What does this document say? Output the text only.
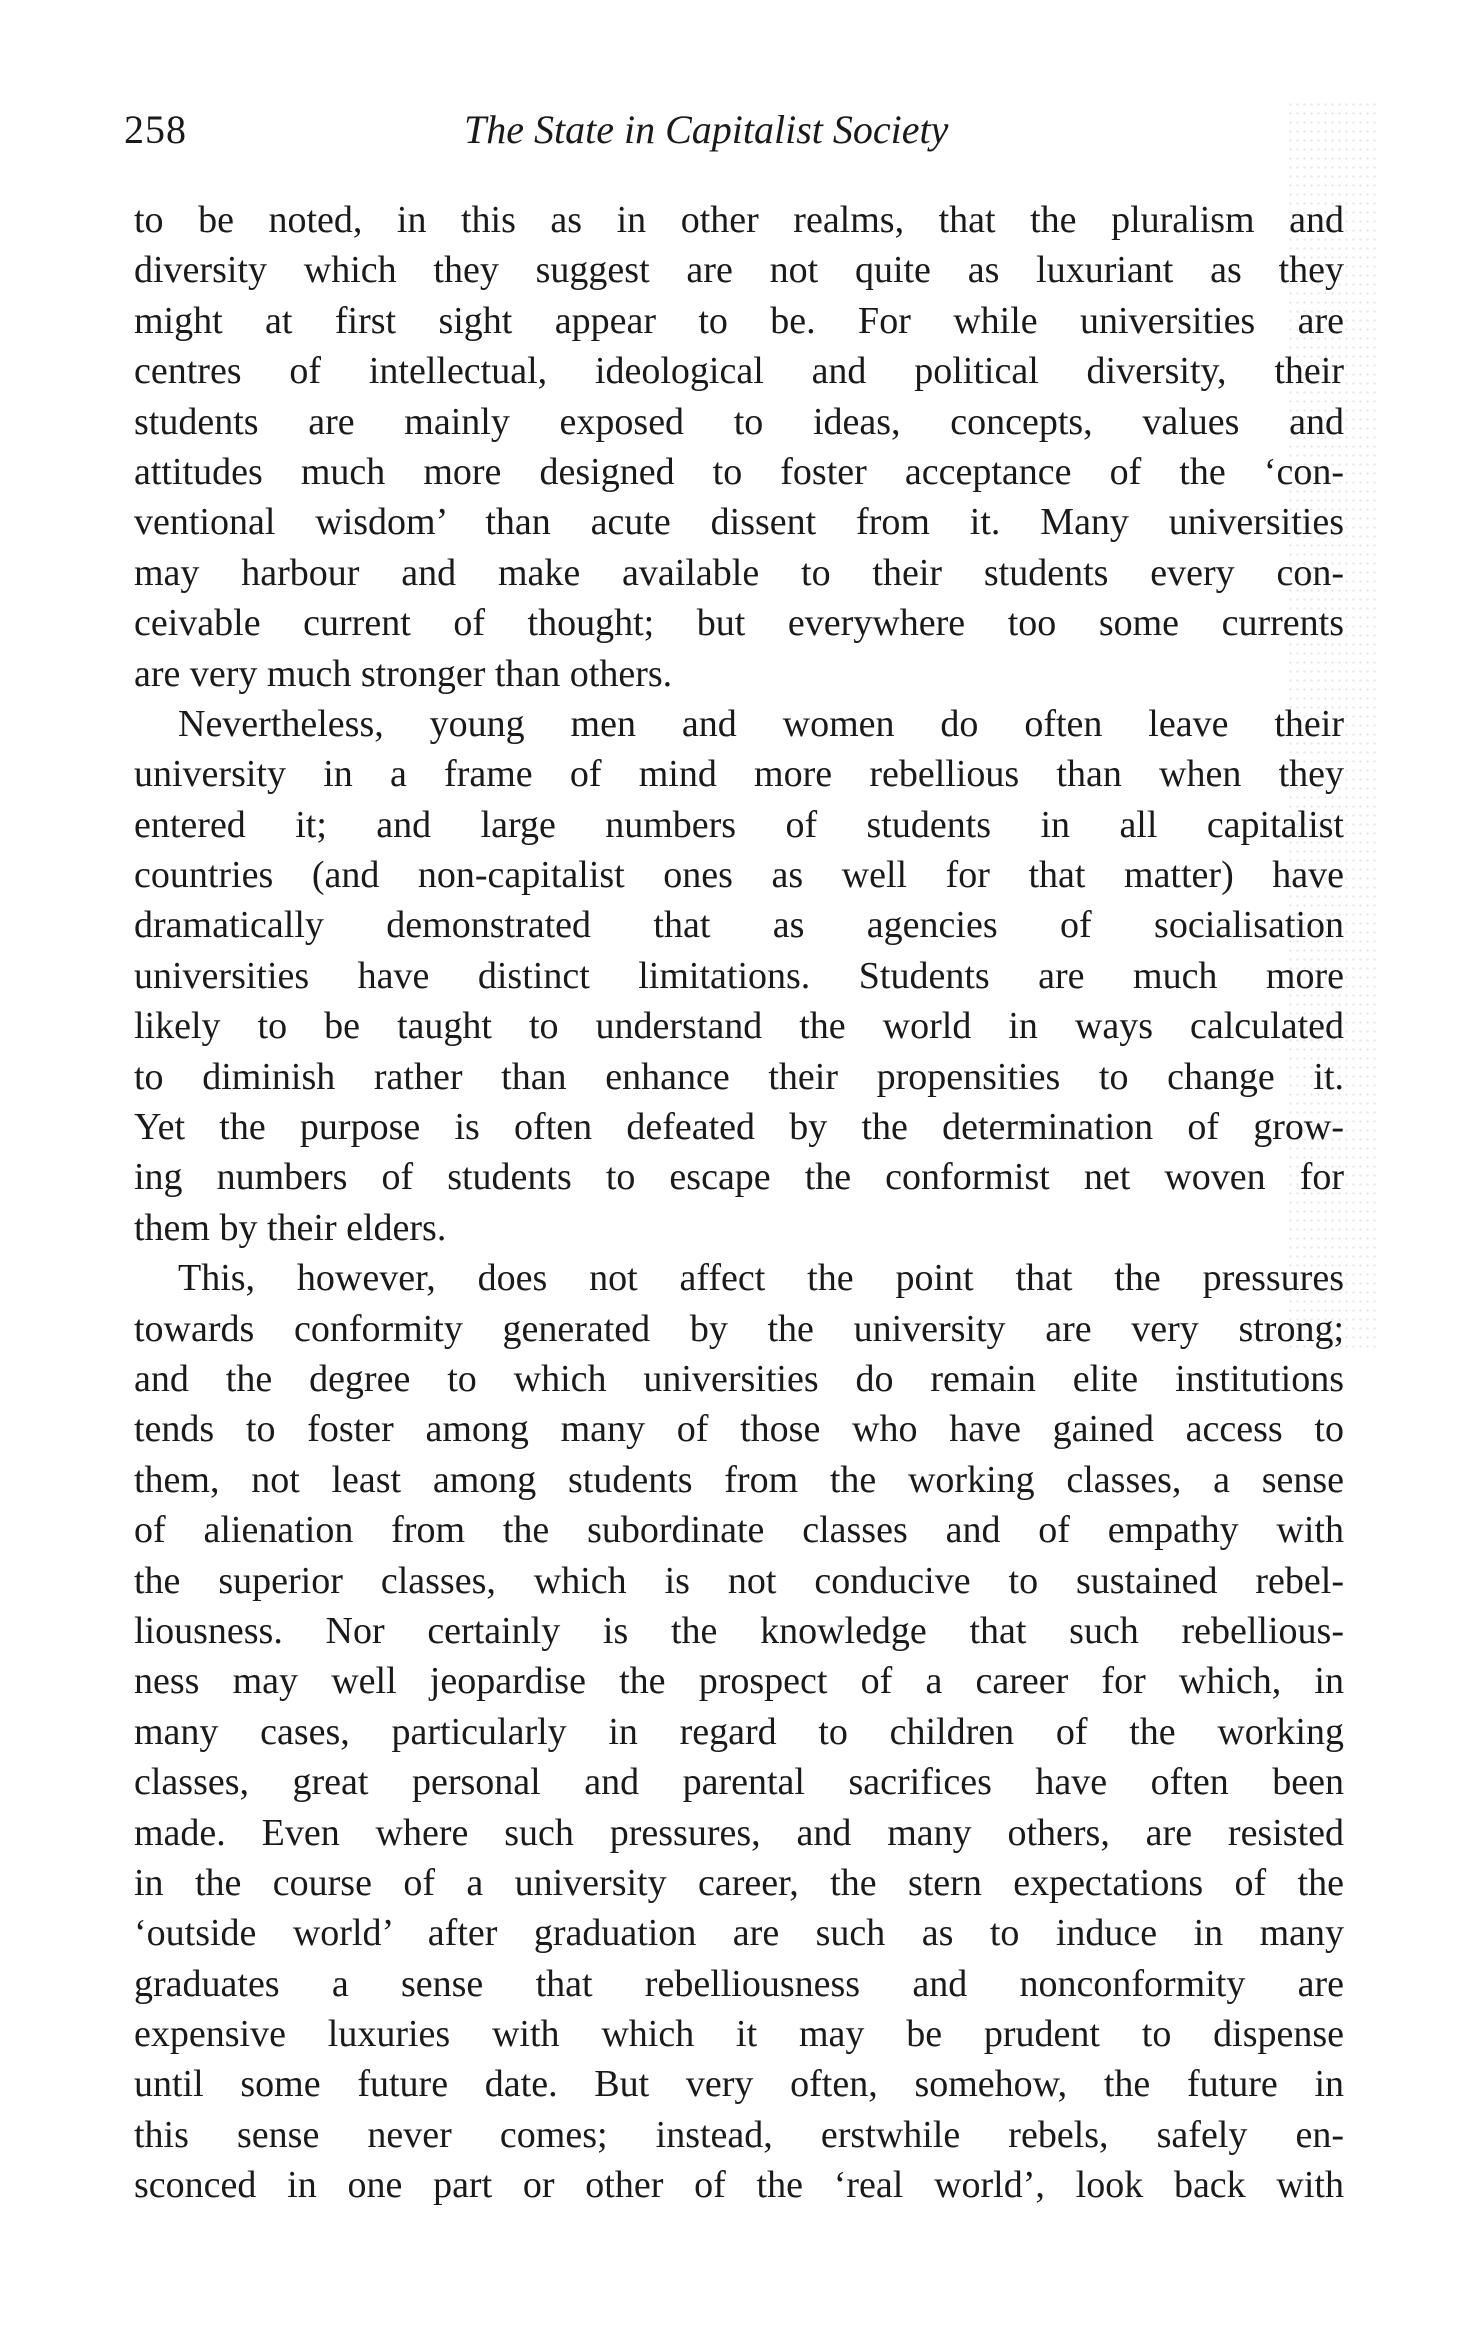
258	The State in Capitalist Society
to be noted, in this as in other realms, that the pluralism and
diversity which they suggest are not quite as luxuriant as they
might at first sight appear to be. For while universities are
centres of intellectual, ideological and political diversity, their
students are mainly exposed to ideas, concepts, values and
attitudes much more designed to foster acceptance of the ‘con-
ventional wisdom’ than acute dissent from it. Many universities
may harbour and make available to their students every con-
ceivable current of thought; but everywhere too some currents
are very much stronger than others.
Nevertheless, young men and women do often leave their
university in a frame of mind more rebellious than when they
entered it; and large numbers of students in all capitalist
countries (and non-capitalist ones as well for that matter) have
dramatically demonstrated that as agencies of socialisation
universities have distinct limitations. Students are much more
likely to be taught to understand the world in ways calculated
to diminish rather than enhance their propensities to change it.
Yet the purpose is often defeated by the determination of grow-
ing numbers of students to escape the conformist net woven for
them by their elders.
This, however, does not affect the point that the pressures
towards conformity generated by the university are very strong;
and the degree to which universities do remain elite institutions
tends to foster among many of those who have gained access to
them, not least among students from the working classes, a sense
of alienation from the subordinate classes and of empathy with
the superior classes, which is not conducive to sustained rebel-
liousness. Nor certainly is the knowledge that such rebellious-
ness may well jeopardise the prospect of a career for which, in
many cases, particularly in regard to children of the working
classes, great personal and parental sacrifices have often been
made. Even where such pressures, and many others, are resisted
in the course of a university career, the stern expectations of the
‘outside world’ after graduation are such as to induce in many
graduates a sense that rebelliousness and nonconformity are
expensive luxuries with which it may be prudent to dispense
until some future date. But very often, somehow, the future in
this sense never comes; instead, erstwhile rebels, safely en-
sconced in one part or other of the ‘real world’, look back with
